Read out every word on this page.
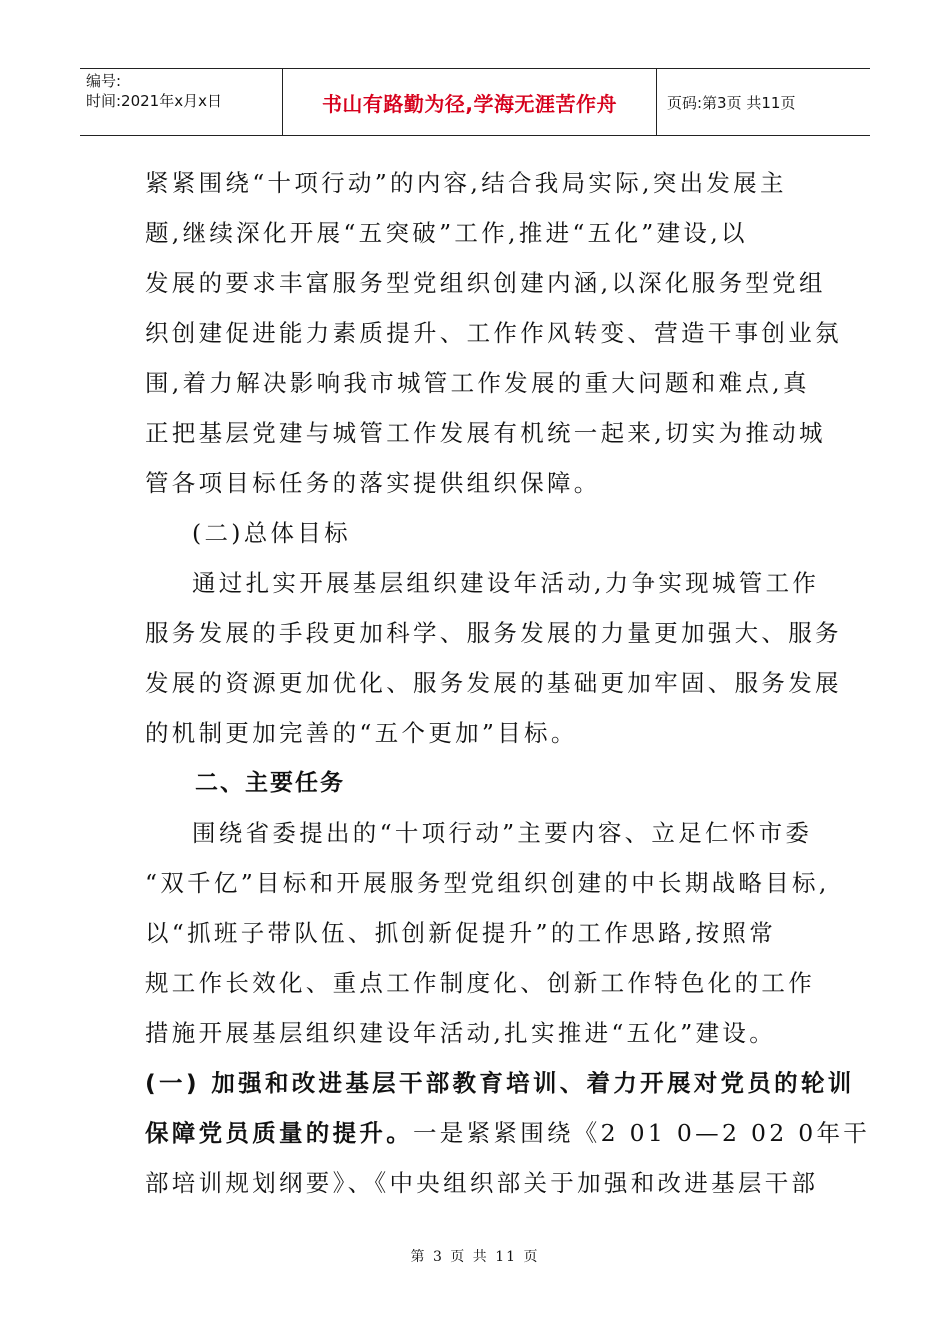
编号:
时间:2021年x月x日	书山有路勤为径,学海无涯苦作舟	页码:第3页 共11页
紧紧围绕“十项行动”的内容,结合我局实际,突出发展主
题,继续深化开展“五突破”工作,推进“五化”建设,以
发展的要求丰富服务型党组织创建内涵,以深化服务型党组
织创建促进能力素质提升、工作作风转变、营造干事创业氛
围,着力解决影响我市城管工作发展的重大问题和难点,真
正把基层党建与城管工作发展有机统一起来,切实为推动城
管各项目标任务的落实提供组织保障。
(二)总体目标
通过扎实开展基层组织建设年活动,力争实现城管工作
服务发展的手段更加科学、服务发展的力量更加强大、服务
发展的资源更加优化、服务发展的基础更加牢固、服务发展
的机制更加完善的“五个更加”目标。
二、主要任务
围绕省委提出的“十项行动”主要内容、立足仁怀市委
“双千亿”目标和开展服务型党组织创建的中长期战略目标,
以“抓班子带队伍、抓创新促提升”的工作思路,按照常
规工作长效化、重点工作制度化、创新工作特色化的工作
措施开展基层组织建设年活动,扎实推进“五化”建设。
(一) 加强和改进基层干部教育培训、着力开展对党员的轮训
保障党员质量的提升。一是紧紧围绕《2 01 0—2 02 0年干
部培训规划纲要》、《中央组织部关于加强和改进基层干部
第 3 页 共 11 页
